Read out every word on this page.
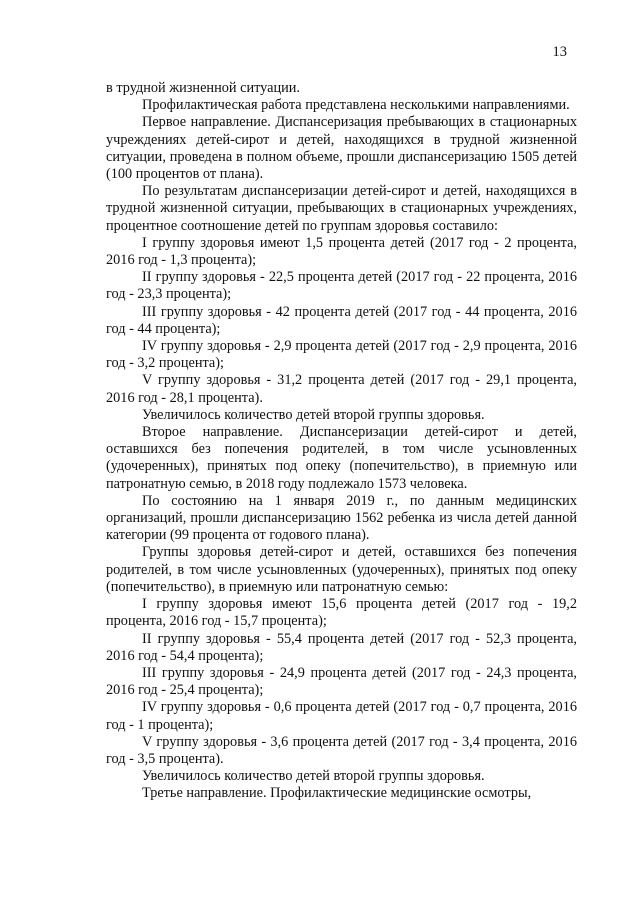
13

в трудной жизненной ситуации.

Профилактическая работа представлена несколькими направлениями.

Первое направление. Диспансеризация пребывающих в стационарных учреждениях детей-сирот и детей, находящихся в трудной жизненной ситуации, проведена в полном объеме, прошли диспансеризацию 1505 детей (100 процентов от плана).

По результатам диспансеризации детей-сирот и детей, находящихся в трудной жизненной ситуации, пребывающих в стационарных учреждениях, процентное соотношение детей по группам здоровья составило:

I группу здоровья имеют 1,5 процента детей (2017 год - 2 процента, 2016 год - 1,3 процента);

II группу здоровья - 22,5 процента детей (2017 год - 22 процента, 2016 год - 23,3 процента);

III группу здоровья - 42 процента детей (2017 год - 44 процента, 2016 год - 44 процента);

IV группу здоровья - 2,9 процента детей (2017 год - 2,9 процента, 2016 год - 3,2 процента);

V группу здоровья - 31,2 процента детей (2017 год - 29,1 процента, 2016 год - 28,1 процента).

Увеличилось количество детей второй группы здоровья.

Второе направление. Диспансеризации детей-сирот и детей, оставшихся без попечения родителей, в том числе усыновленных (удочеренных), принятых под опеку (попечительство), в приемную или патронатную семью, в 2018 году подлежало 1573 человека.

По состоянию на 1 января 2019 г., по данным медицинских организаций, прошли диспансеризацию 1562 ребенка из числа детей данной категории (99 процента от годового плана).

Группы здоровья детей-сирот и детей, оставшихся без попечения родителей, в том числе усыновленных (удочеренных), принятых под опеку (попечительство), в приемную или патронатную семью:

I группу здоровья имеют 15,6 процента детей (2017 год - 19,2 процента, 2016 год - 15,7 процента);

II группу здоровья - 55,4 процента детей (2017 год - 52,3 процента, 2016 год - 54,4 процента);

III группу здоровья - 24,9 процента детей (2017 год - 24,3 процента, 2016 год - 25,4 процента);

IV группу здоровья - 0,6 процента детей (2017 год - 0,7 процента, 2016 год - 1 процента);

V группу здоровья - 3,6 процента детей (2017 год - 3,4 процента, 2016 год - 3,5 процента).

Увеличилось количество детей второй группы здоровья.

Третье направление. Профилактические медицинские осмотры,
